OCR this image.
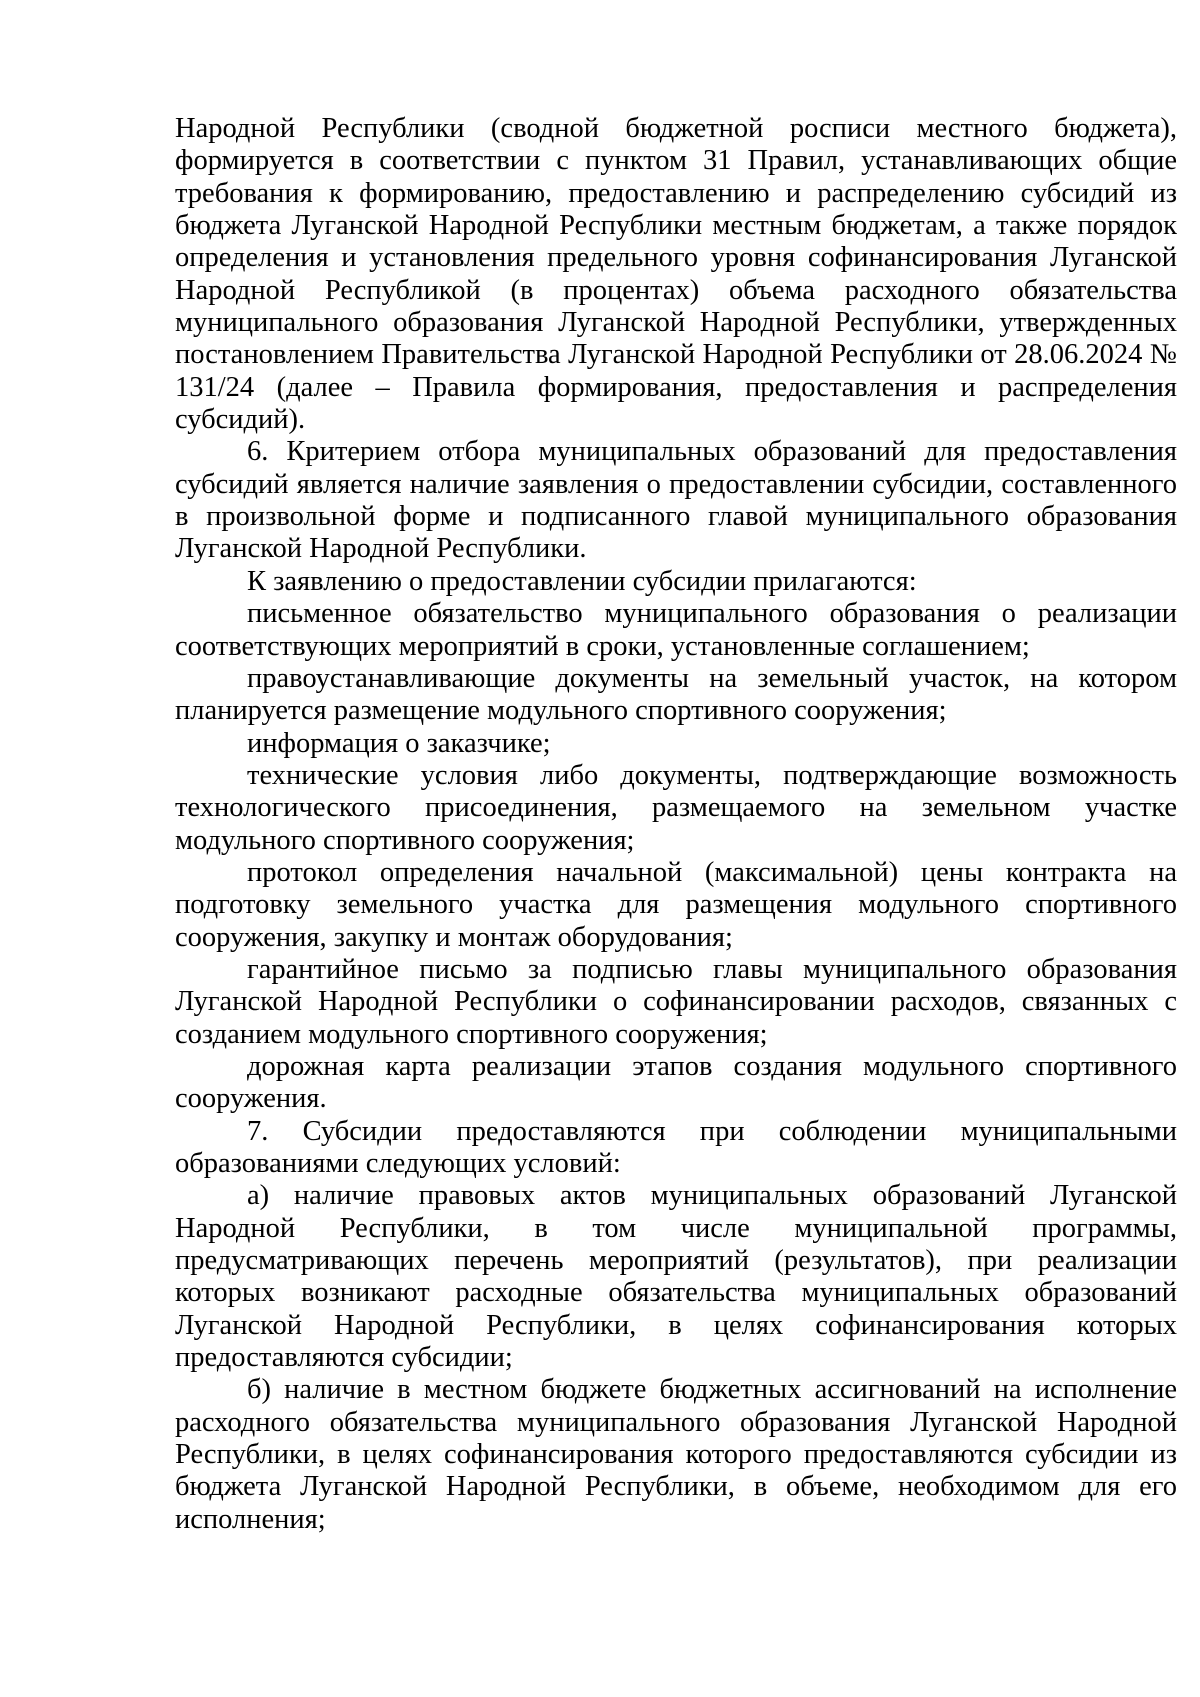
Народной Республики (сводной бюджетной росписи местного бюджета), формируется в соответствии с пунктом 31 Правил, устанавливающих общие требования к формированию, предоставлению и распределению субсидий из бюджета Луганской Народной Республики местным бюджетам, а также порядок определения и установления предельного уровня софинансирования Луганской Народной Республикой (в процентах) объема расходного обязательства муниципального образования Луганской Народной Республики, утвержденных постановлением Правительства Луганской Народной Республики от 28.06.2024 № 131/24 (далее – Правила формирования, предоставления и распределения субсидий).

6. Критерием отбора муниципальных образований для предоставления субсидий является наличие заявления о предоставлении субсидии, составленного в произвольной форме и подписанного главой муниципального образования Луганской Народной Республики.

К заявлению о предоставлении субсидии прилагаются:

письменное обязательство муниципального образования о реализации соответствующих мероприятий в сроки, установленные соглашением;

правоустанавливающие документы на земельный участок, на котором планируется размещение модульного спортивного сооружения;

информация о заказчике;

технические условия либо документы, подтверждающие возможность технологического присоединения, размещаемого на земельном участке модульного спортивного сооружения;

протокол определения начальной (максимальной) цены контракта на подготовку земельного участка для размещения модульного спортивного сооружения, закупку и монтаж оборудования;

гарантийное письмо за подписью главы муниципального образования Луганской Народной Республики о софинансировании расходов, связанных с созданием модульного спортивного сооружения;

дорожная карта реализации этапов создания модульного спортивного сооружения.

7. Субсидии предоставляются при соблюдении муниципальными образованиями следующих условий:

а) наличие правовых актов муниципальных образований Луганской Народной Республики, в том числе муниципальной программы, предусматривающих перечень мероприятий (результатов), при реализации которых возникают расходные обязательства муниципальных образований Луганской Народной Республики, в целях софинансирования которых предоставляются субсидии;

б) наличие в местном бюджете бюджетных ассигнований на исполнение расходного обязательства муниципального образования Луганской Народной Республики, в целях софинансирования которого предоставляются субсидии из бюджета Луганской Народной Республики, в объеме, необходимом для его исполнения;
